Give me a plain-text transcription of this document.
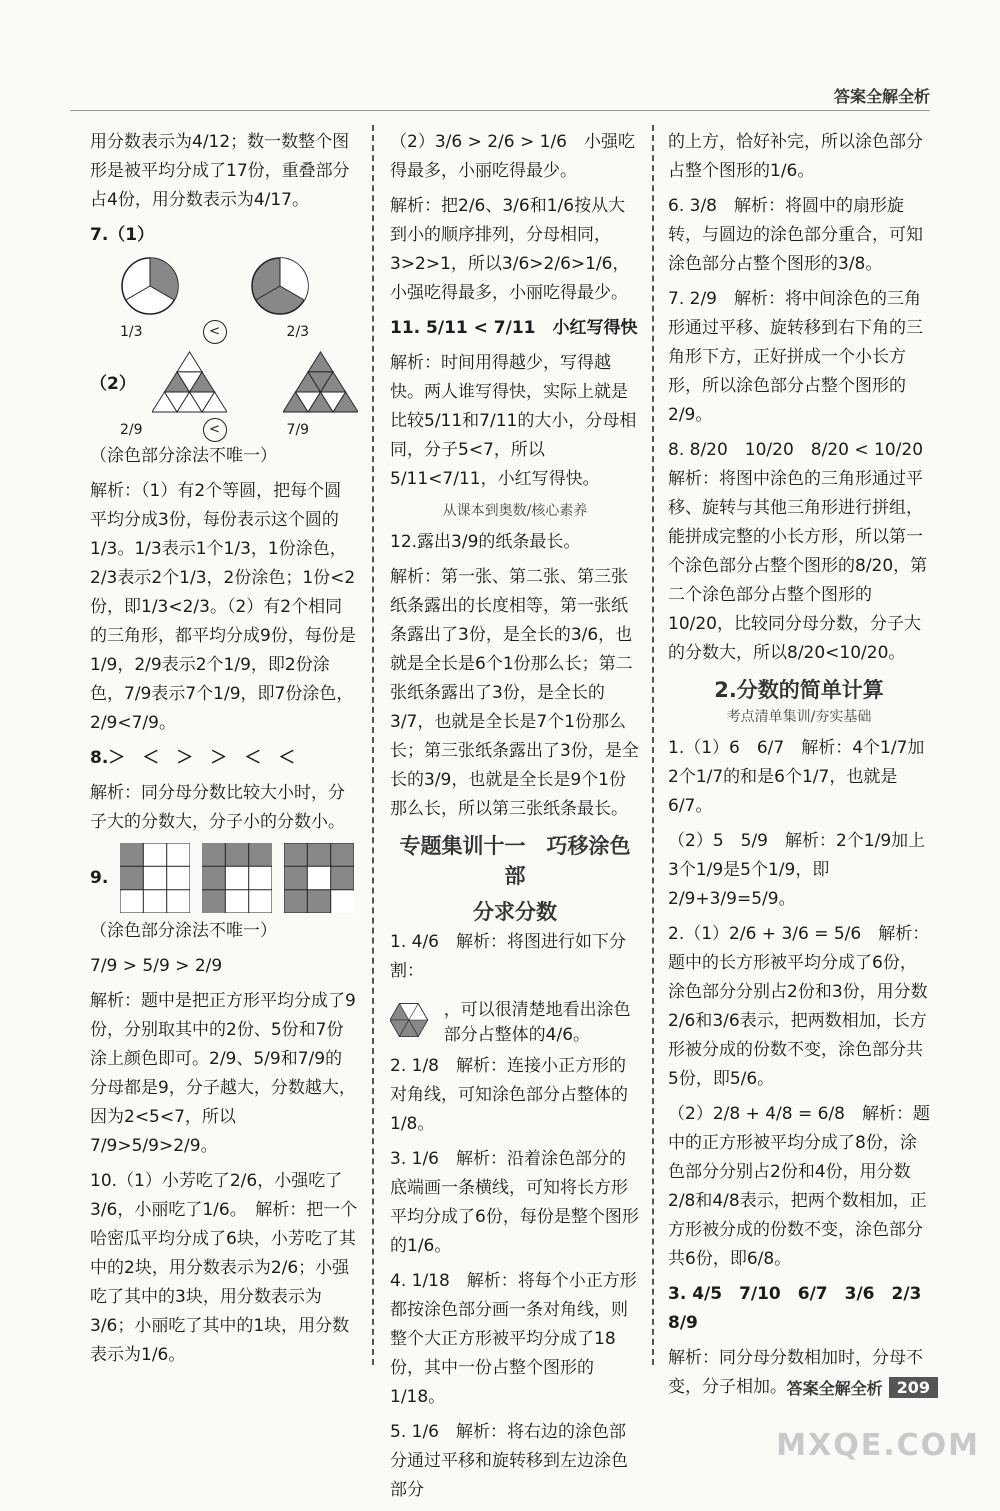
答案全解全析

用分数表示为4/12；数一数整个图形是被平均分成了17份，重叠部分占4份，用分数表示为4/17。

7.（1）
1/3	<	2/3
（2）
2/9	<	7/9

（涂色部分涂法不唯一）

解析：（1）有2个等圆，把每个圆平均分成3份，每份表示这个圆的1/3。1/3表示1个1/3，1份涂色，2/3表示2个1/3，2份涂色；1份<2份，即1/3<2/3。（2）有2个相同的三角形，都平均分成9份，每份是1/9，2/9表示2个1/9，即2份涂色，7/9表示7个1/9，即7份涂色，2/9<7/9。

8.＞　＜　＞　＞　＜　＜

解析：同分母分数比较大小时，分子大的分数大，分子小的分数小。

9.

（涂色部分涂法不唯一）

7/9 > 5/9 > 2/9

解析：题中是把正方形平均分成了9份，分别取其中的2份、5份和7份涂上颜色即可。2/9、5/9和7/9的分母都是9，分子越大，分数越大，因为2<5<7，所以7/9>5/9>2/9。

10.（1）小芳吃了2/6，小强吃了3/6，小丽吃了1/6。　解析：把一个哈密瓜平均分成了6块，小芳吃了其中的2块，用分数表示为2/6；小强吃了其中的3块，用分数表示为3/6；小丽吃了其中的1块，用分数表示为1/6。

（2）3/6 > 2/6 > 1/6　小强吃得最多，小丽吃得最少。

解析：把2/6、3/6和1/6按从大到小的顺序排列，分母相同，3>2>1，所以3/6>2/6>1/6，小强吃得最多，小丽吃得最少。

11. 5/11 < 7/11　小红写得快

解析：时间用得越少，写得越快。两人谁写得快，实际上就是比较5/11和7/11的大小，分母相同，分子5<7，所以5/11<7/11，小红写得快。

从课本到奥数/核心素养

12.露出3/9的纸条最长。

解析：第一张、第二张、第三张纸条露出的长度相等，第一张纸条露出了3份，是全长的3/6，也就是全长是6个1份那么长；第二张纸条露出了3份，是全长的3/7，也就是全长是7个1份那么长；第三张纸条露出了3份，是全长的3/9，也就是全长是9个1份那么长，所以第三张纸条最长。

专题集训十一　巧移涂色部
分求分数

1. 4/6　解析：将图进行如下分割：

，可以很清楚地看出涂色部分占整体的4/6。

2. 1/8　解析：连接小正方形的对角线，可知涂色部分占整体的1/8。

3. 1/6　解析：沿着涂色部分的底端画一条横线，可知将长方形平均分成了6份，每份是整个图形的1/6。

4. 1/18　解析：将每个小正方形都按涂色部分画一条对角线，则整个大正方形被平均分成了18份，其中一份占整个图形的1/18。

5. 1/6　解析：将右边的涂色部分通过平移和旋转移到左边涂色部分

的上方，恰好补完，所以涂色部分占整个图形的1/6。

6. 3/8　解析：将圆中的扇形旋转，与圆边的涂色部分重合，可知涂色部分占整个图形的3/8。

7. 2/9　解析：将中间涂色的三角形通过平移、旋转移到右下角的三角形下方，正好拼成一个小长方形，所以涂色部分占整个图形的2/9。

8. 8/20　10/20　8/20 < 10/20　解析：将图中涂色的三角形通过平移、旋转与其他三角形进行拼组，能拼成完整的小长方形，所以第一个涂色部分占整个图形的8/20，第二个涂色部分占整个图形的10/20，比较同分母分数，分子大的分数大，所以8/20<10/20。

2.分数的简单计算
考点清单集训/夯实基础

1.（1）6　6/7　解析：4个1/7加2个1/7的和是6个1/7，也就是6/7。

（2）5　5/9　解析：2个1/9加上3个1/9是5个1/9，即2/9+3/9=5/9。

2.（1）2/6 + 3/6 = 5/6　解析：题中的长方形被平均分成了6份，涂色部分分别占2份和3份，用分数2/6和3/6表示，把两数相加，长方形被分成的份数不变，涂色部分共5份，即5/6。

（2）2/8 + 4/8 = 6/8　解析：题中的正方形被平均分成了8份，涂色部分分别占2份和4份，用分数2/8和4/8表示，把两个数相加，正方形被分成的份数不变，涂色部分共6份，即6/8。

3. 4/5　7/10　6/7　3/6　2/3　8/9

解析：同分母分数相加时，分母不变，分子相加。 答案全解全析 209
MXQE.COM
